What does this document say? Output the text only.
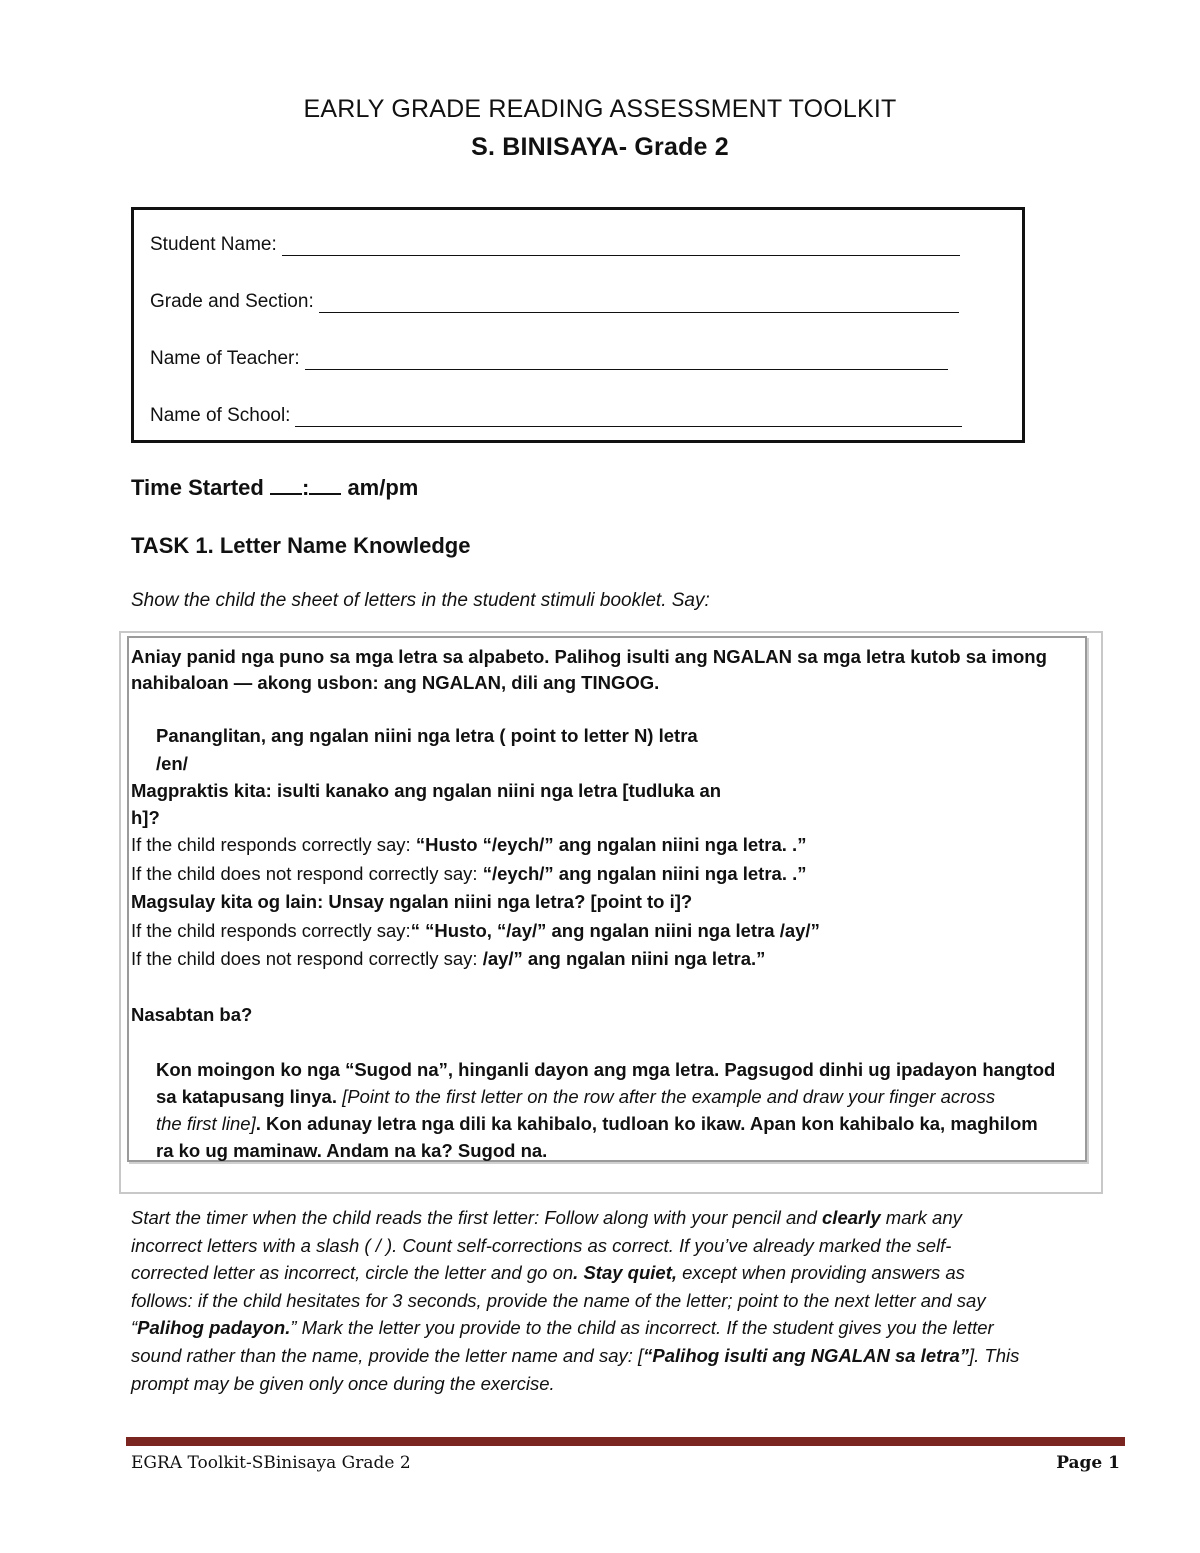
EARLY GRADE READING ASSESSMENT TOOLKIT
S. BINISAYA- Grade 2
Student Name:
Grade and Section:
Name of Teacher:
Name of School:
Time Started : am/pm
TASK 1. Letter Name Knowledge
Show the child the sheet of letters in the student stimuli booklet. Say:
Aniay panid nga puno sa mga letra sa alpabeto. Palihog isulti ang NGALAN sa mga letra kutob sa imong
nahibaloan — akong usbon: ang NGALAN, dili ang TINGOG.
Pananglitan, ang ngalan niini nga letra ( point to letter N) letra
/en/
Magpraktis kita: isulti kanako ang ngalan niini nga letra [tudluka an
h]?
If the child responds correctly say: “Husto “/eych/” ang ngalan niini nga letra. .”
If the child does not respond correctly say: “/eych/” ang ngalan niini nga letra. .”
Magsulay kita og lain: Unsay ngalan niini nga letra? [point to i]?
If the child responds correctly say:“ “Husto, “/ay/” ang ngalan niini nga letra /ay/”
If the child does not respond correctly say: /ay/” ang ngalan niini nga letra.”
Nasabtan ba?
Kon moingon ko nga “Sugod na”, hinganli dayon ang mga letra. Pagsugod dinhi ug ipadayon hangtod
sa katapusang linya. [Point to the first letter on the row after the example and draw your finger across
the first line]. Kon adunay letra nga dili ka kahibalo, tudloan ko ikaw. Apan kon kahibalo ka, maghilom
ra ko ug maminaw. Andam na ka? Sugod na.
Start the timer when the child reads the first letter: Follow along with your pencil and clearly mark any
incorrect letters with a slash ( / ). Count self-corrections as correct. If you’ve already marked the self-
corrected letter as incorrect, circle the letter and go on. Stay quiet, except when providing answers as
follows: if the child hesitates for 3 seconds, provide the name of the letter; point to the next letter and say
“Palihog padayon.” Mark the letter you provide to the child as incorrect. If the student gives you the letter
sound rather than the name, provide the letter name and say: [“Palihog isulti ang NGALAN sa letra”]. This
prompt may be given only once during the exercise.
EGRA Toolkit-SBinisaya Grade 2	Page 1
